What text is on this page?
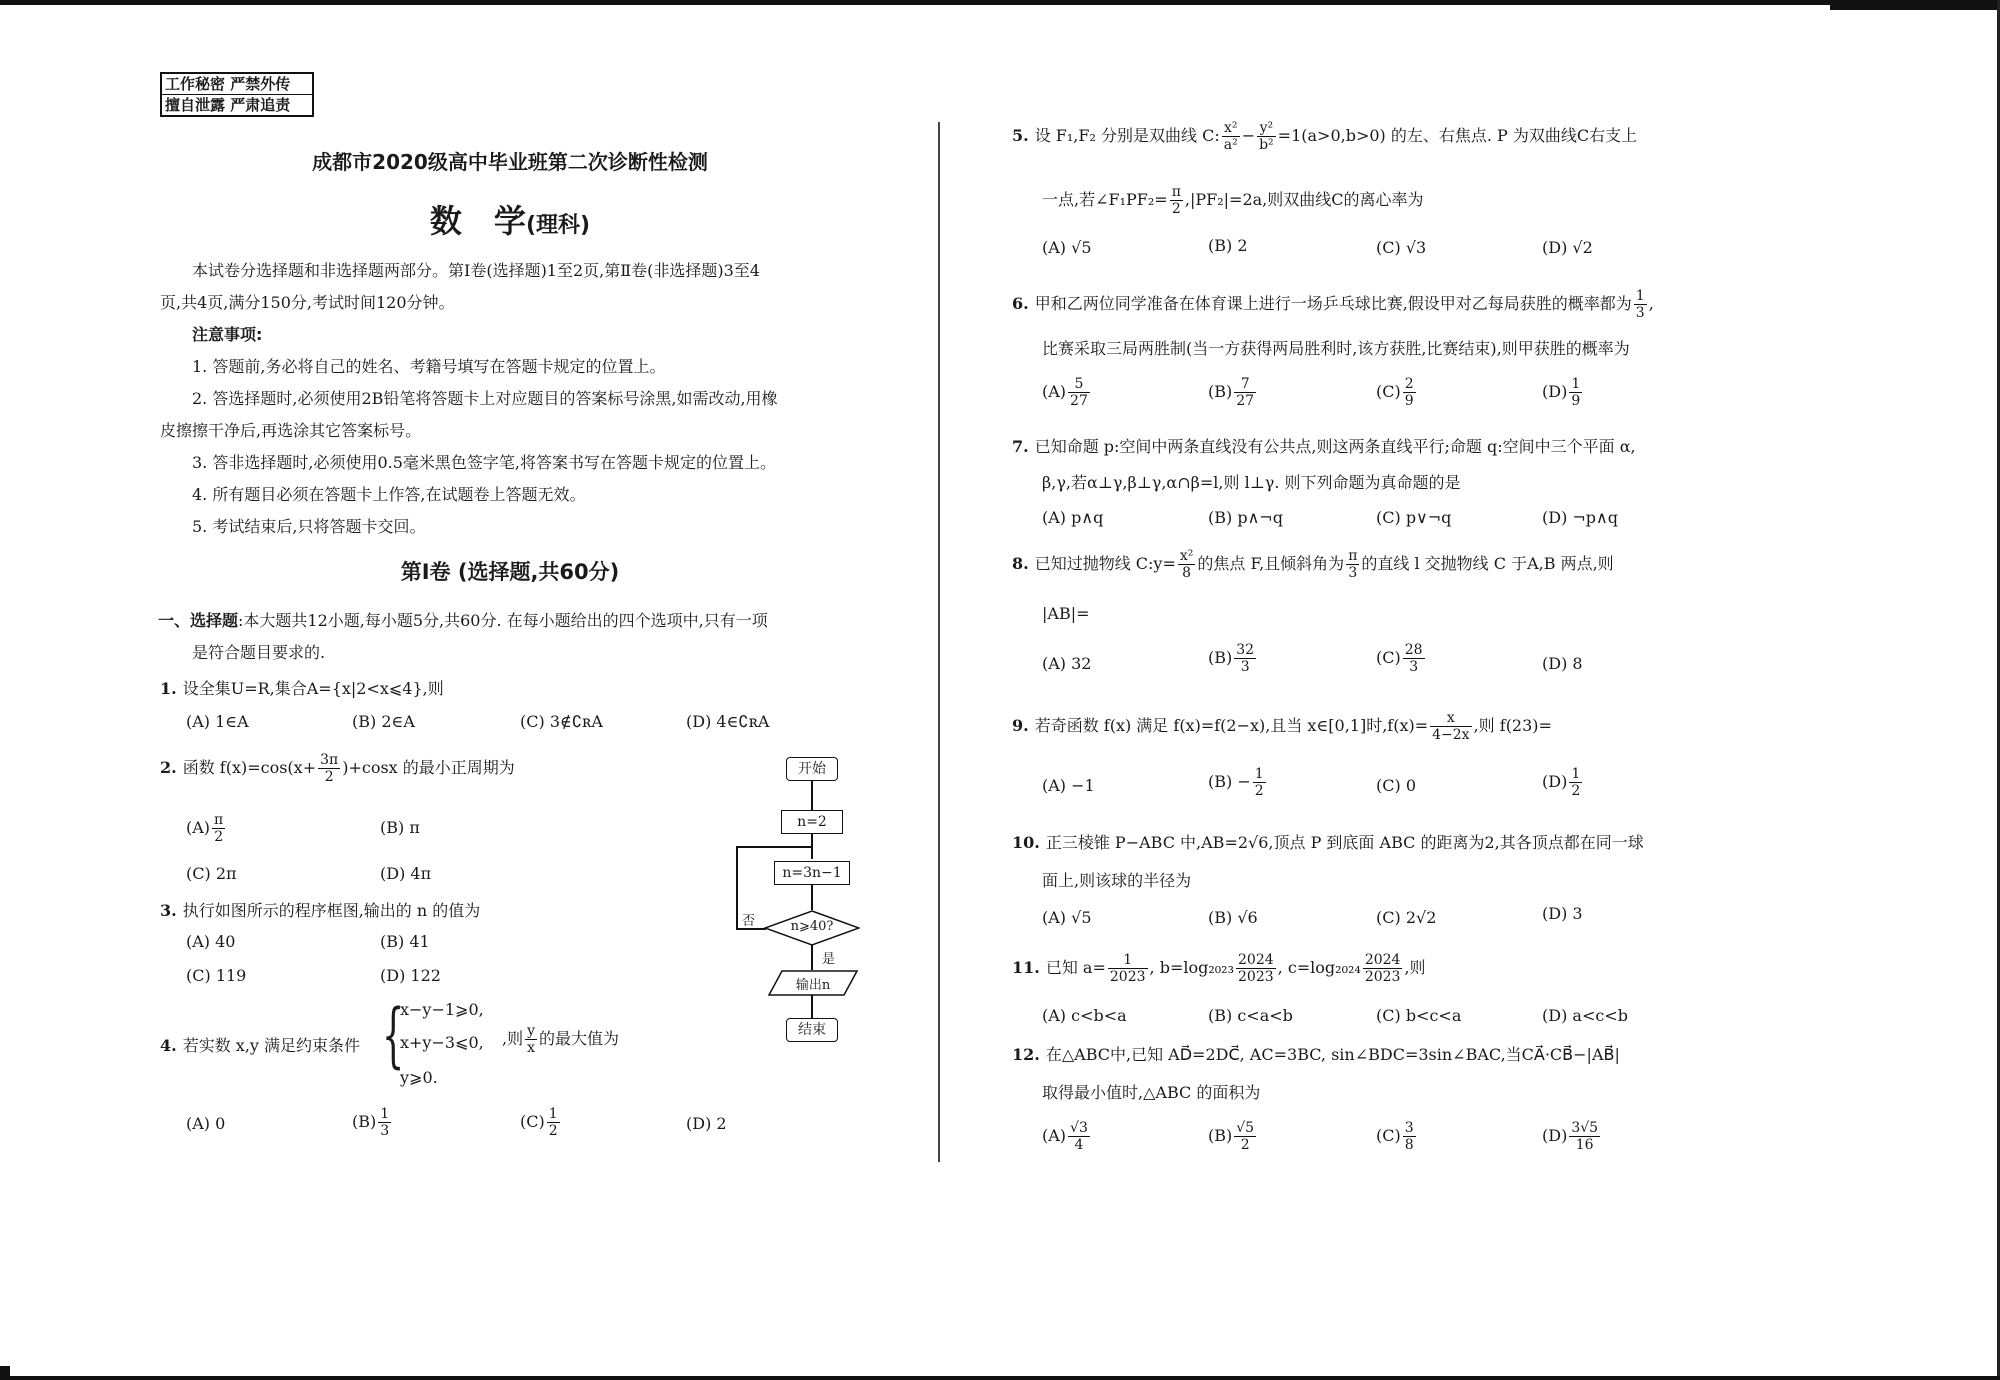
工作秘密 严禁外传
擅自泄露 严肃追责
成都市2020级高中毕业班第二次诊断性检测
数　学(理科)
本试卷分选择题和非选择题两部分。第Ⅰ卷(选择题)1至2页,第Ⅱ卷(非选择题)3至4
页,共4页,满分150分,考试时间120分钟。
注意事项:
1. 答题前,务必将自己的姓名、考籍号填写在答题卡规定的位置上。
2. 答选择题时,必须使用2B铅笔将答题卡上对应题目的答案标号涂黑,如需改动,用橡
皮擦擦干净后,再选涂其它答案标号。
3. 答非选择题时,必须使用0.5毫米黑色签字笔,将答案书写在答题卡规定的位置上。
4. 所有题目必须在答题卡上作答,在试题卷上答题无效。
5. 考试结束后,只将答题卡交回。
第Ⅰ卷 (选择题,共60分)
一、选择题:本大题共12小题,每小题5分,共60分. 在每小题给出的四个选项中,只有一项
是符合题目要求的.
1. 设全集U=R,集合A={x|2<x⩽4},则
(A) 1∈A	(B) 2∈A	(C) 3∉∁ʀA	(D) 4∈∁ʀA
2. 函数 $f(x)=\cos(x+ \frac{3\pi}{2} )+\cos x$ 的最小正周期为
$(A) \frac{\pi}{2}$	(B) π
(C) 2π	(D) 4π
3. 执行如图所示的程序框图,输出的 n 的值为
(A) 40	(B) 41
(C) 119	(D) 122
开始
n=2
n=3n−1
n⩾40?
否
是
输出n
结束
4. 若实数 x,y 满足约束条件 {
x−y−1⩾0,
x+y−3⩽0,
y⩾0.
,则 $\frac{y}{x}$ 的最大值为
(A) 0	$(B) \frac{1}{3}$	$(C) \frac{1}{2}$	(D) 2
5. 设 F₁,F₂ 分别是双曲线 C: $\frac{\text{x²}}{\text{a²}} - \frac{\text{y²}}{\text{b²}} =1(a>0,b>0)$ 的左、右焦点. P 为双曲线C右支上
一点,若∠F₁PF₂= $\frac{\pi}{2} ,|PF_2|=2a$,则双曲线C的离心率为
(A) √5	(B) 2	(C) √3	(D) √2
6. 甲和乙两位同学准备在体育课上进行一场乒乓球比赛,假设甲对乙每局获胜的概率都为 $\frac{1}{3}$ ,
比赛采取三局两胜制(当一方获得两局胜利时,该方获胜,比赛结束),则甲获胜的概率为
$(A) \frac{5}{27}$	$(B) \frac{7}{27}$	$(C) \frac{2}{9}$	$(D) \frac{1}{9}$
7. 已知命题 p:空间中两条直线没有公共点,则这两条直线平行;命题 q:空间中三个平面 α,
β,γ,若α⊥γ,β⊥γ,α∩β=l,则 l⊥γ. 则下列命题为真命题的是
(A) p∧q	(B) p∧¬q	(C) p∨¬q	(D) ¬p∧q
8. 已知过抛物线 C:y= $\frac{\text{x²}}{8}$ 的焦点 F,且倾斜角为 $\frac{\pi}{3}$ 的直线 l 交抛物线 C 于A,B 两点,则
|AB|=
(A) 32	$(B) \frac{32}{3}$	$(C) \frac{28}{3}$	(D) 8
9. 若奇函数 f(x) 满足 f(x)=f(2−x),且当 x∈[0,1]时$,f(x)= \frac{x}{4-2x}$ ,则 f(23)=
(A) −1	$(B) - \frac{1}{2}$	(C) 0	$(D) \frac{1}{2}$
10. 正三棱锥 P−ABC 中,AB=2√6,顶点 P 到底面 ABC 的距离为2,其各顶点都在同一球
面上,则该球的半径为
(A) √5	(B) √6	(C) 2√2	(D) 3
11. 已知 $a= \frac{1}{2023}$ , $b=\log_{2023} \frac{2024}{2023}$ , $c=\log_{2024} \frac{2024}{2023}$ ,则
(A) c<b<a	(B) c<a<b	(C) b<c<a	(D) a<c<b
12. 在△ABC中,已知 AD⃗=2DC⃗, AC=3BC, sin∠BDC=3sin∠BAC,当CA⃗·CB⃗−|AB⃗|
取得最小值时,△ABC 的面积为
$(A) \frac{√3}{4}$	$(B) \frac{√5}{2}$	$(C) \frac{3}{8}$	$(D) \frac{3√5}{16}$
